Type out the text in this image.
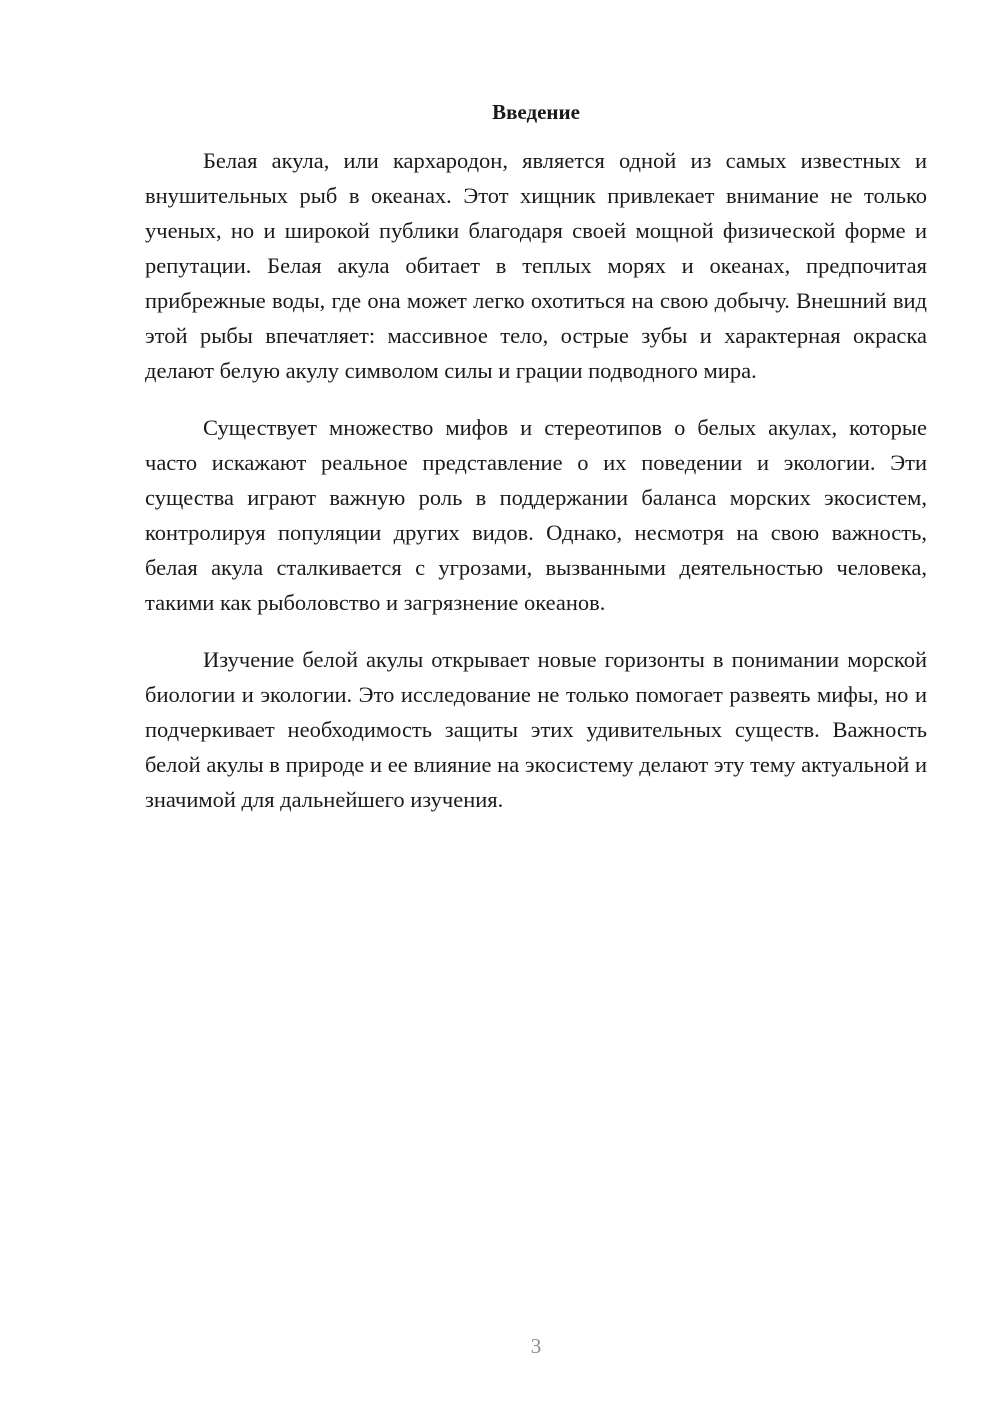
Введение

Белая акула, или кархародон, является одной из самых известных и внушительных рыб в океанах. Этот хищник привлекает внимание не только ученых, но и широкой публики благодаря своей мощной физической форме и репутации. Белая акула обитает в теплых морях и океанах, предпочитая прибрежные воды, где она может легко охотиться на свою добычу. Внешний вид этой рыбы впечатляет: массивное тело, острые зубы и характерная окраска делают белую акулу символом силы и грации подводного мира.

Существует множество мифов и стереотипов о белых акулах, которые часто искажают реальное представление о их поведении и экологии. Эти существа играют важную роль в поддержании баланса морских экосистем, контролируя популяции других видов. Однако, несмотря на свою важность, белая акула сталкивается с угрозами, вызванными деятельностью человека, такими как рыболовство и загрязнение океанов.

Изучение белой акулы открывает новые горизонты в понимании морской биологии и экологии. Это исследование не только помогает развеять мифы, но и подчеркивает необходимость защиты этих удивительных существ. Важность белой акулы в природе и ее влияние на экосистему делают эту тему актуальной и значимой для дальнейшего изучения.

3
